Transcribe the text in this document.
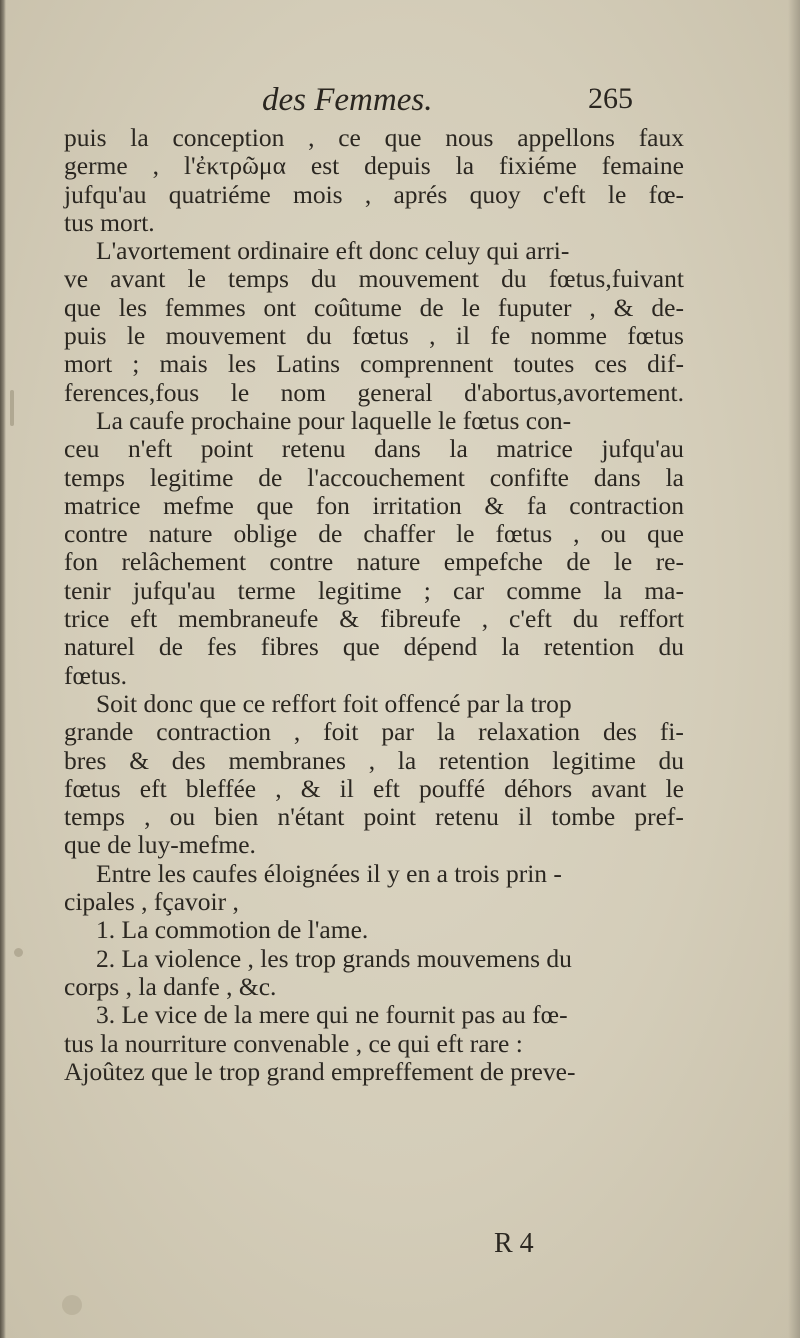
des Femmes.	265
puis la conception , ce que nous appellons faux
germe , l'ἐκτρῶμα est depuis la fixiéme femaine
jufqu'au quatriéme mois , aprés quoy c'eft le fœ-
tus mort.
L'avortement ordinaire eft donc celuy qui arri-
ve avant le temps du mouvement du fœtus,fuivant
que les femmes ont coûtume de le fuputer , & de-
puis le mouvement du fœtus , il fe nomme fœtus
mort ; mais les Latins comprennent toutes ces dif-
ferences,fous le nom general d'abortus,avortement.
La caufe prochaine pour laquelle le fœtus con-
ceu n'eft point retenu dans la matrice jufqu'au
temps legitime de l'accouchement confifte dans la
matrice mefme que fon irritation & fa contraction
contre nature oblige de chaffer le fœtus , ou que
fon relâchement contre nature empefche de le re-
tenir jufqu'au terme legitime ; car comme la ma-
trice eft membraneufe & fibreufe , c'eft du reffort
naturel de fes fibres que dépend la retention du
fœtus.
Soit donc que ce reffort foit offencé par la trop
grande contraction , foit par la relaxation des fi-
bres & des membranes , la retention legitime du
fœtus eft bleffée , & il eft pouffé déhors avant le
temps , ou bien n'étant point retenu il tombe pref-
que de luy-mefme.
Entre les caufes éloignées il y en a trois prin -
cipales , fçavoir ,
1. La commotion de l'ame.
2. La violence , les trop grands mouvemens du
corps , la danfe , &c.
3. Le vice de la mere qui ne fournit pas au fœ-
tus la nourriture convenable , ce qui eft rare :
Ajoûtez que le trop grand empreffement de preve-
R 4
